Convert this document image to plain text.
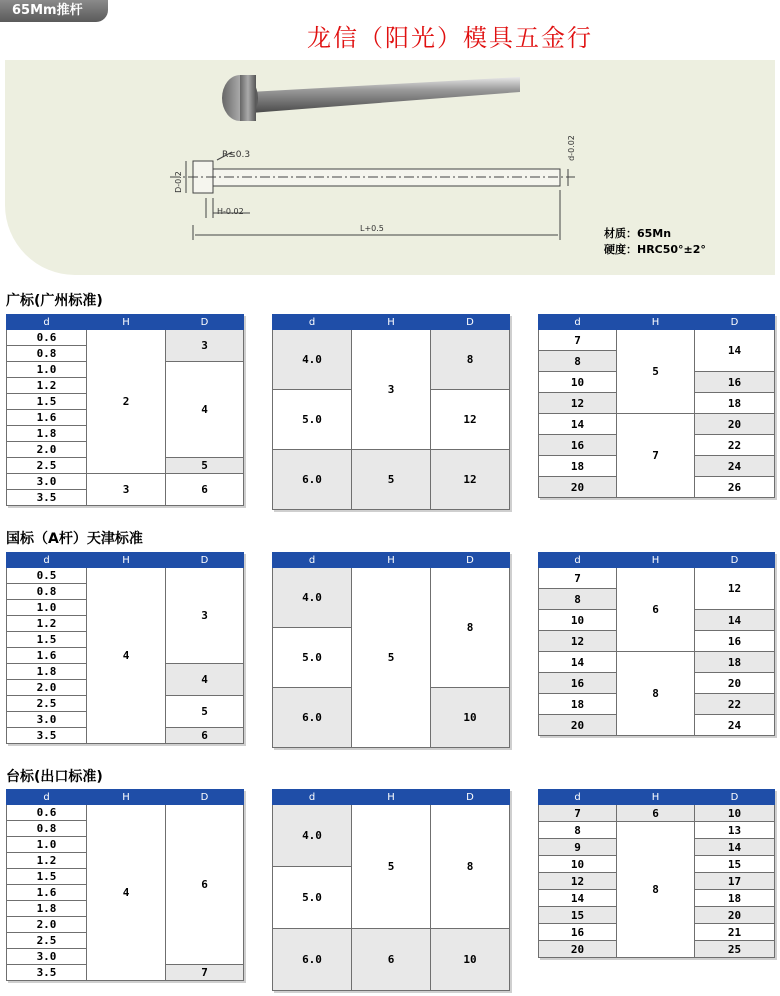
65Mm推杆
龙信（阳光）模具五金行
R≤0.3
D-0.2
H-0.02
L+0.5
d-0.02
材质：65Mn
硬度：HRC50°±2°
广标(广州标准)
d	H	D
0.6	2	3
0.8		
1.0		4
1.2		
1.5		
1.6		
1.8		
2.0		
2.5		5
3.0	3	6
3.5		
d	H	D
4.0	3	8
5.0		12
6.0	5	12
d	H	D
7	5	14
8		
10		16
12		18
14	7	20
16		22
18		24
20		26
国标（A杆）天津标准
d	H	D
0.5	4	3
0.8		
1.0		
1.2		
1.5		
1.6		
1.8		4
2.0		
2.5		5
3.0		
3.5		6
d	H	D
4.0	5	8
5.0		
6.0		10
d	H	D
7	6	12
8		
10		14
12		16
14	8	18
16		20
18		22
20		24
台标(出口标准)
d	H	D
0.6	4	6
0.8		
1.0		
1.2		
1.5		
1.6		
1.8		
2.0		
2.5		
3.0		
3.5		7
d	H	D
4.0	5	8
5.0		
6.0	6	10
d	H	D
7	6	10
8	8	13
9		14
10		15
12		17
14		18
15		20
16		21
20		25
